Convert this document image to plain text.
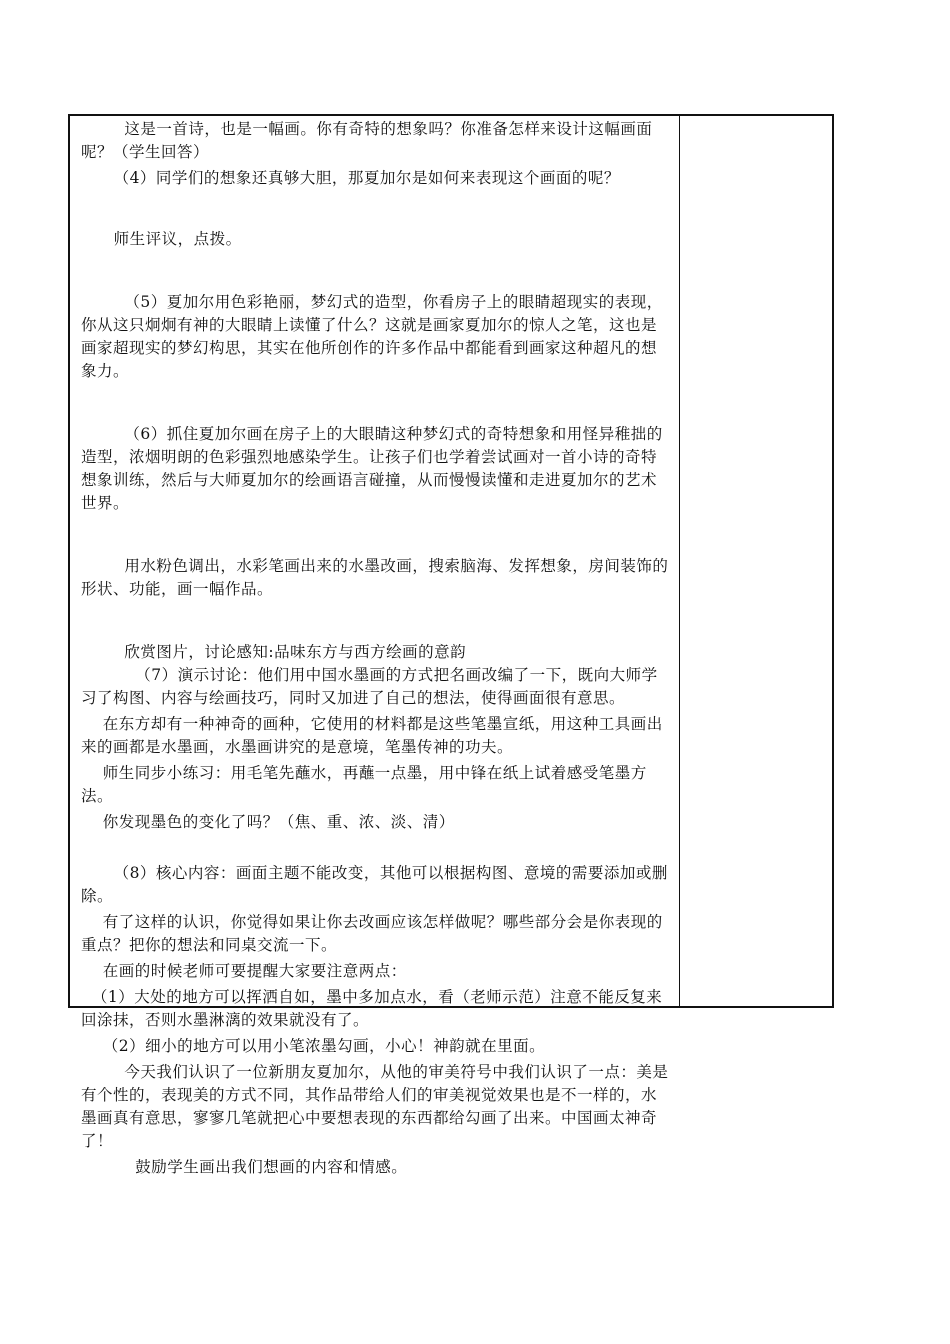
这是一首诗，也是一幅画。你有奇特的想象吗？你准备怎样来设计这幅画面呢？（学生回答）

（4）同学们的想象还真够大胆，那夏加尔是如何来表现这个画面的呢？

师生评议，点拨。

（5）夏加尔用色彩艳丽，梦幻式的造型，你看房子上的眼睛超现实的表现，你从这只炯炯有神的大眼睛上读懂了什么？这就是画家夏加尔的惊人之笔，这也是画家超现实的梦幻构思，其实在他所创作的许多作品中都能看到画家这种超凡的想象力。

（6）抓住夏加尔画在房子上的大眼睛这种梦幻式的奇特想象和用怪异稚拙的造型，浓烟明朗的色彩强烈地感染学生。让孩子们也学着尝试画对一首小诗的奇特想象训练，然后与大师夏加尔的绘画语言碰撞，从而慢慢读懂和走进夏加尔的艺术世界。

用水粉色调出，水彩笔画出来的水墨改画，搜索脑海、发挥想象，房间装饰的形状、功能，画一幅作品。

欣赏图片，讨论感知:品味东方与西方绘画的意韵

（7）演示讨论：他们用中国水墨画的方式把名画改编了一下，既向大师学习了构图、内容与绘画技巧，同时又加进了自己的想法，使得画面很有意思。

在东方却有一种神奇的画种，它使用的材料都是这些笔墨宣纸，用这种工具画出来的画都是水墨画，水墨画讲究的是意境，笔墨传神的功夫。

师生同步小练习：用毛笔先蘸水，再蘸一点墨，用中锋在纸上试着感受笔墨方法。

你发现墨色的变化了吗？（焦、重、浓、淡、清）

（8）核心内容：画面主题不能改变，其他可以根据构图、意境的需要添加或删除。

有了这样的认识，你觉得如果让你去改画应该怎样做呢？哪些部分会是你表现的重点？把你的想法和同桌交流一下。

在画的时候老师可要提醒大家要注意两点：

（1）大处的地方可以挥洒自如，墨中多加点水，看（老师示范）注意不能反复来回涂抹，否则水墨淋漓的效果就没有了。

（2）细小的地方可以用小笔浓墨勾画，小心！神韵就在里面。

今天我们认识了一位新朋友夏加尔，从他的审美符号中我们认识了一点：美是有个性的，表现美的方式不同，其作品带给人们的审美视觉效果也是不一样的，水墨画真有意思，寥寥几笔就把心中要想表现的东西都给勾画了出来。中国画太神奇了！

鼓励学生画出我们想画的内容和情感。
